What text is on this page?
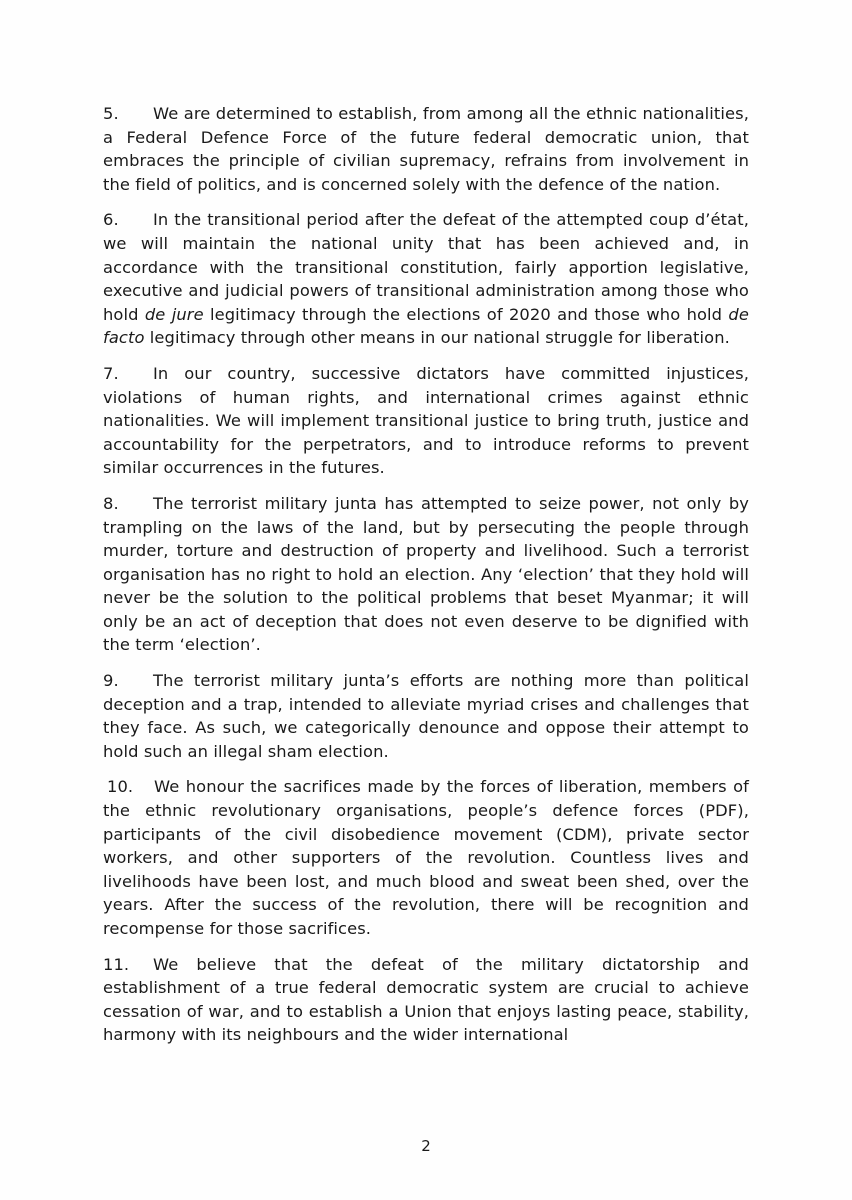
5. We are determined to establish, from among all the ethnic nationalities, a Federal Defence Force of the future federal democratic union, that embraces the principle of civilian supremacy, refrains from involvement in the field of politics, and is concerned solely with the defence of the nation.

6. In the transitional period after the defeat of the attempted coup d’état, we will maintain the national unity that has been achieved and, in accordance with the transitional constitution, fairly apportion legislative, executive and judicial powers of transitional administration among those who hold de jure legitimacy through the elections of 2020 and those who hold de facto legitimacy through other means in our national struggle for liberation.

7. In our country, successive dictators have committed injustices, violations of human rights, and international crimes against ethnic nationalities. We will implement transitional justice to bring truth, justice and accountability for the perpetrators, and to introduce reforms to prevent similar occurrences in the futures.

8. The terrorist military junta has attempted to seize power, not only by trampling on the laws of the land, but by persecuting the people through murder, torture and destruction of property and livelihood. Such a terrorist organisation has no right to hold an election. Any ‘election’ that they hold will never be the solution to the political problems that beset Myanmar; it will only be an act of deception that does not even deserve to be dignified with the term ‘election’.

9. The terrorist military junta’s efforts are nothing more than political deception and a trap, intended to alleviate myriad crises and challenges that they face. As such, we categorically denounce and oppose their attempt to hold such an illegal sham election.

10. We honour the sacrifices made by the forces of liberation, members of the ethnic revolutionary organisations, people’s defence forces (PDF), participants of the civil disobedience movement (CDM), private sector workers, and other supporters of the revolution. Countless lives and livelihoods have been lost, and much blood and sweat been shed, over the years. After the success of the revolution, there will be recognition and recompense for those sacrifices.

11. We believe that the defeat of the military dictatorship and establishment of a true federal democratic system are crucial to achieve cessation of war, and to establish a Union that enjoys lasting peace, stability, harmony with its neighbours and the wider international

2
